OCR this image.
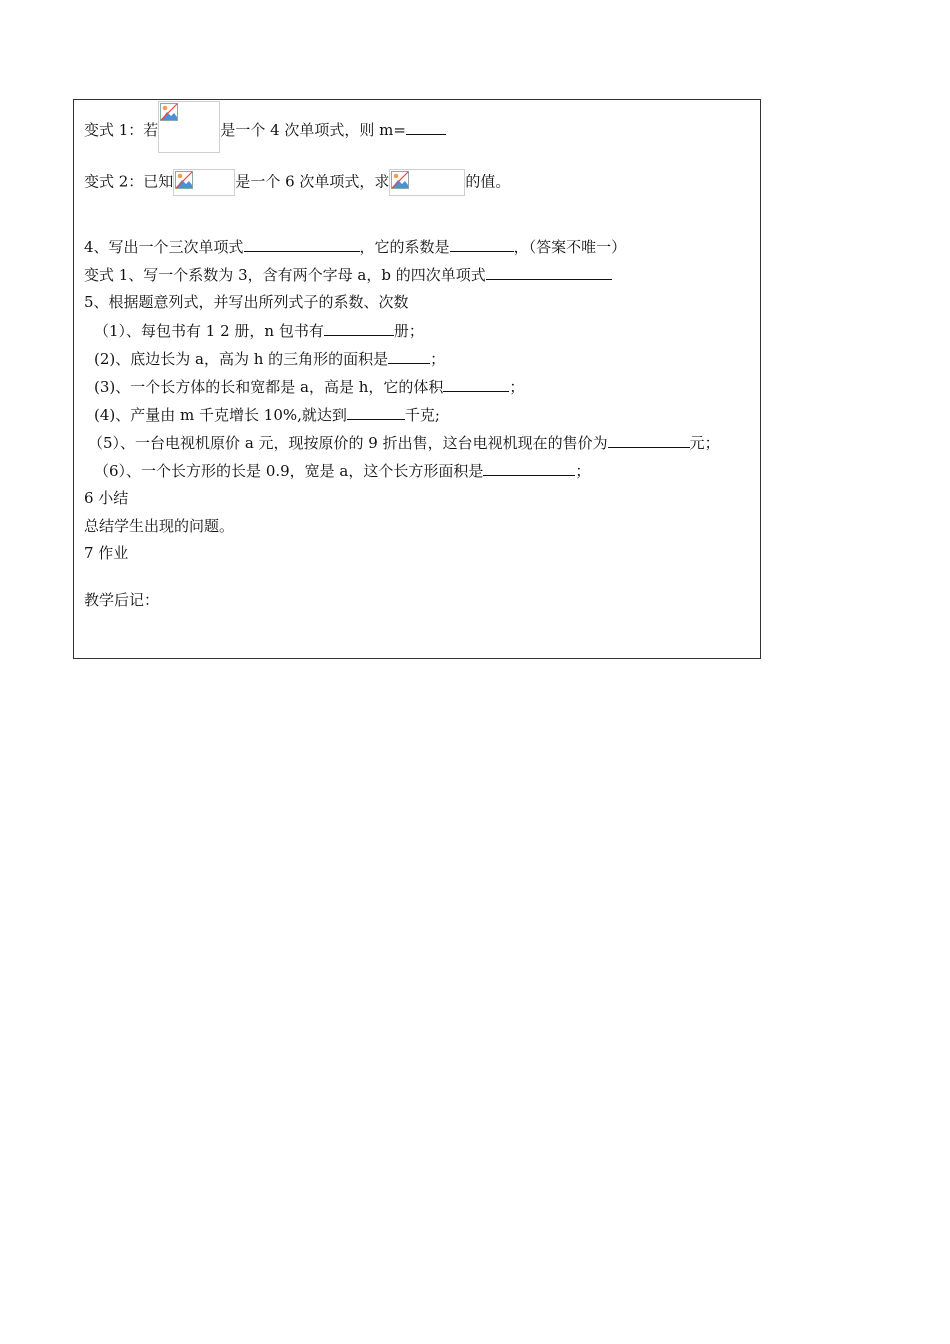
变式 1：若	是一个 4 次单项式，则 m=
变式 2：已知	是一个 6 次单项式，求	的值。
4、写出一个三次单项式	，它的系数是	，（答案不唯一）
变式 1、写一个系数为 3，含有两个字母 a，b 的四次单项式
5、根据题意列式，并写出所列式子的系数、次数
（1）、每包书有 1 2 册，n 包书有	册；
(2)、底边长为 a，高为 h 的三角形的面积是	；
(3)、一个长方体的长和宽都是 a，高是 h，它的体积	；
(4)、产量由 m 千克增长 10%,就达到	千克;
（5）、一台电视机原价 a 元，现按原价的 9 折出售，这台电视机现在的售价为	元；
（6）、一个长方形的长是 0.9，宽是 a，这个长方形面积是	；
6 小结
总结学生出现的问题。
7 作业
教学后记：
